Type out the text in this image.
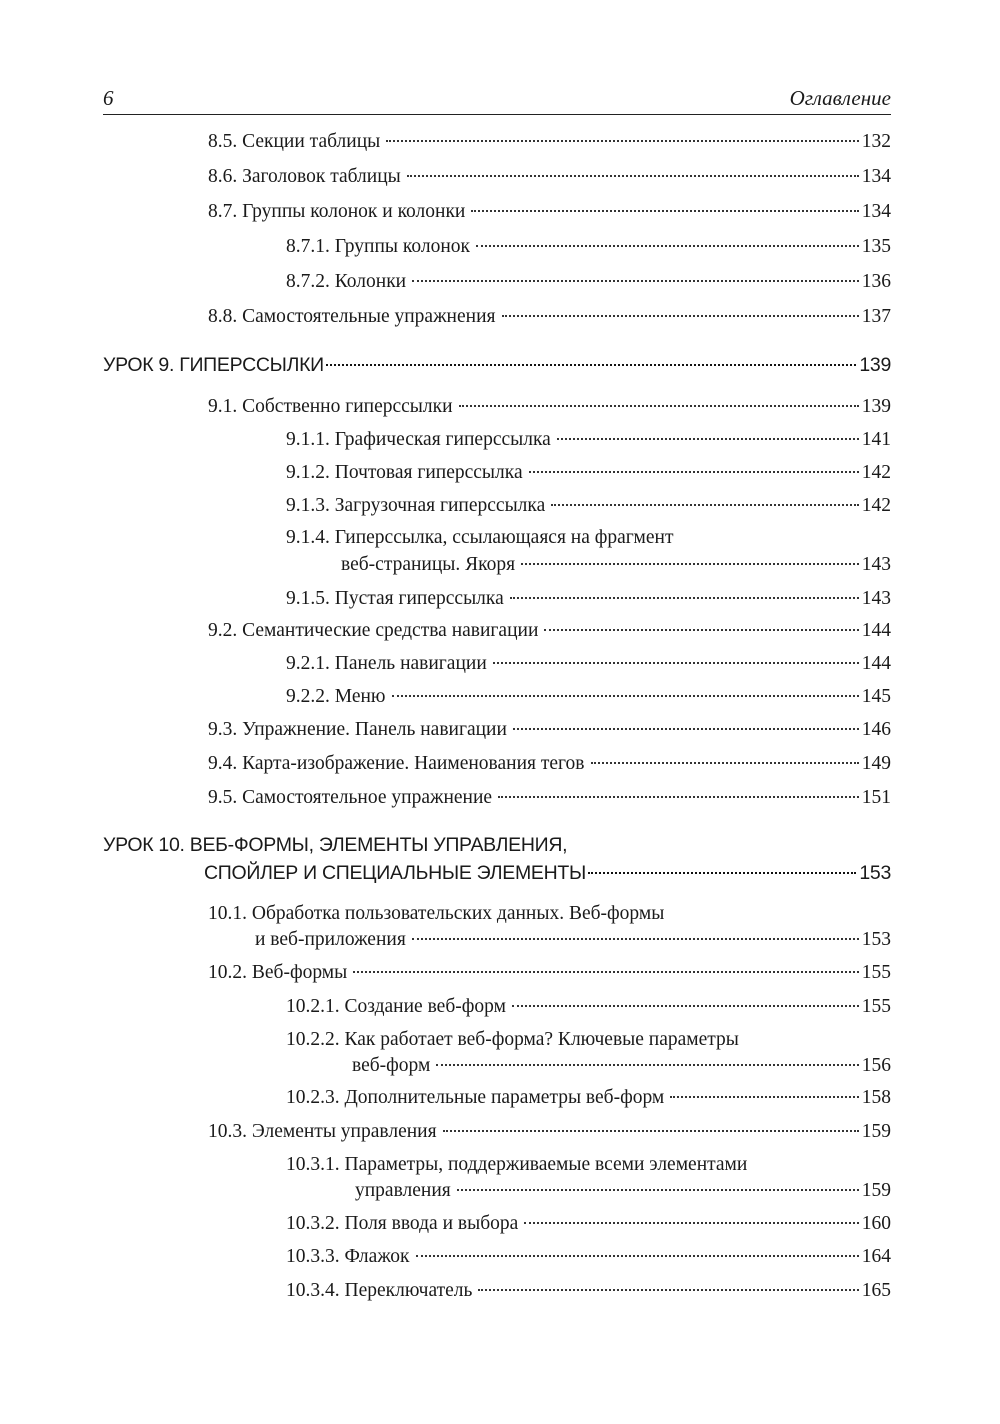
6	Оглавление
8.5. Секции таблицы	132
8.6. Заголовок таблицы	134
8.7. Группы колонок и колонки	134
8.7.1. Группы колонок	135
8.7.2. Колонки	136
8.8. Самостоятельные упражнения	137
УРОК 9. ГИПЕРССЫЛКИ	139
9.1. Собственно гиперссылки	139
9.1.1. Графическая гиперссылка	141
9.1.2. Почтовая гиперссылка	142
9.1.3. Загрузочная гиперссылка	142
9.1.4. Гиперссылка, ссылающаяся на фрагмент
веб-страницы. Якоря	143
9.1.5. Пустая гиперссылка	143
9.2. Семантические средства навигации	144
9.2.1. Панель навигации	144
9.2.2. Меню	145
9.3. Упражнение. Панель навигации	146
9.4. Карта-изображение. Наименования тегов	149
9.5. Самостоятельное упражнение	151
УРОК 10. ВЕБ-ФОРМЫ, ЭЛЕМЕНТЫ УПРАВЛЕНИЯ,
СПОЙЛЕР И СПЕЦИАЛЬНЫЕ ЭЛЕМЕНТЫ	153
10.1. Обработка пользовательских данных. Веб-формы
и веб-приложения	153
10.2. Веб-формы	155
10.2.1. Создание веб-форм	155
10.2.2. Как работает веб-форма? Ключевые параметры
веб-форм	156
10.2.3. Дополнительные параметры веб-форм	158
10.3. Элементы управления	159
10.3.1. Параметры, поддерживаемые всеми элементами
управления	159
10.3.2. Поля ввода и выбора	160
10.3.3. Флажок	164
10.3.4. Переключатель	165
